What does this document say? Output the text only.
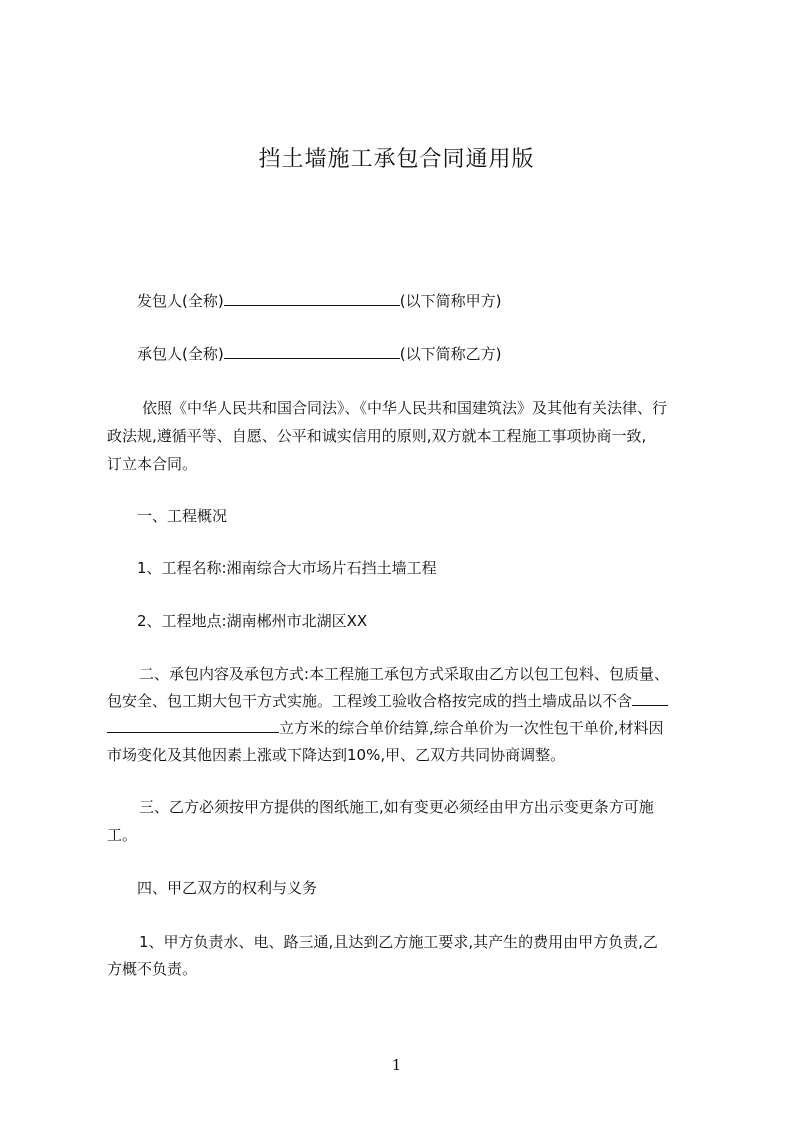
挡土墙施工承包合同通用版
发包人(全称)	(以下简称甲方)
承包人(全称)	(以下简称乙方)
依照《中华人民共和国合同法》、《中华人民共和国建筑法》及其他有关法律、行
政法规,遵循平等、自愿、公平和诚实信用的原则,双方就本工程施工事项协商一致,
订立本合同。
一、工程概况
1、工程名称:湘南综合大市场片石挡土墙工程
2、工程地点:湖南郴州市北湖区XX
二、承包内容及承包方式:本工程施工承包方式采取由乙方以包工包料、包质量、
包安全、包工期大包干方式实施。工程竣工验收合格按完成的挡土墙成品以不含
立方米的综合单价结算,综合单价为一次性包干单价,材料因
市场变化及其他因素上涨或下降达到10%,甲、乙双方共同协商调整。
三、乙方必须按甲方提供的图纸施工,如有变更必须经由甲方出示变更条方可施
工。
四、甲乙双方的权利与义务
1、甲方负责水、电、路三通,且达到乙方施工要求,其产生的费用由甲方负责,乙
方概不负责。
1
